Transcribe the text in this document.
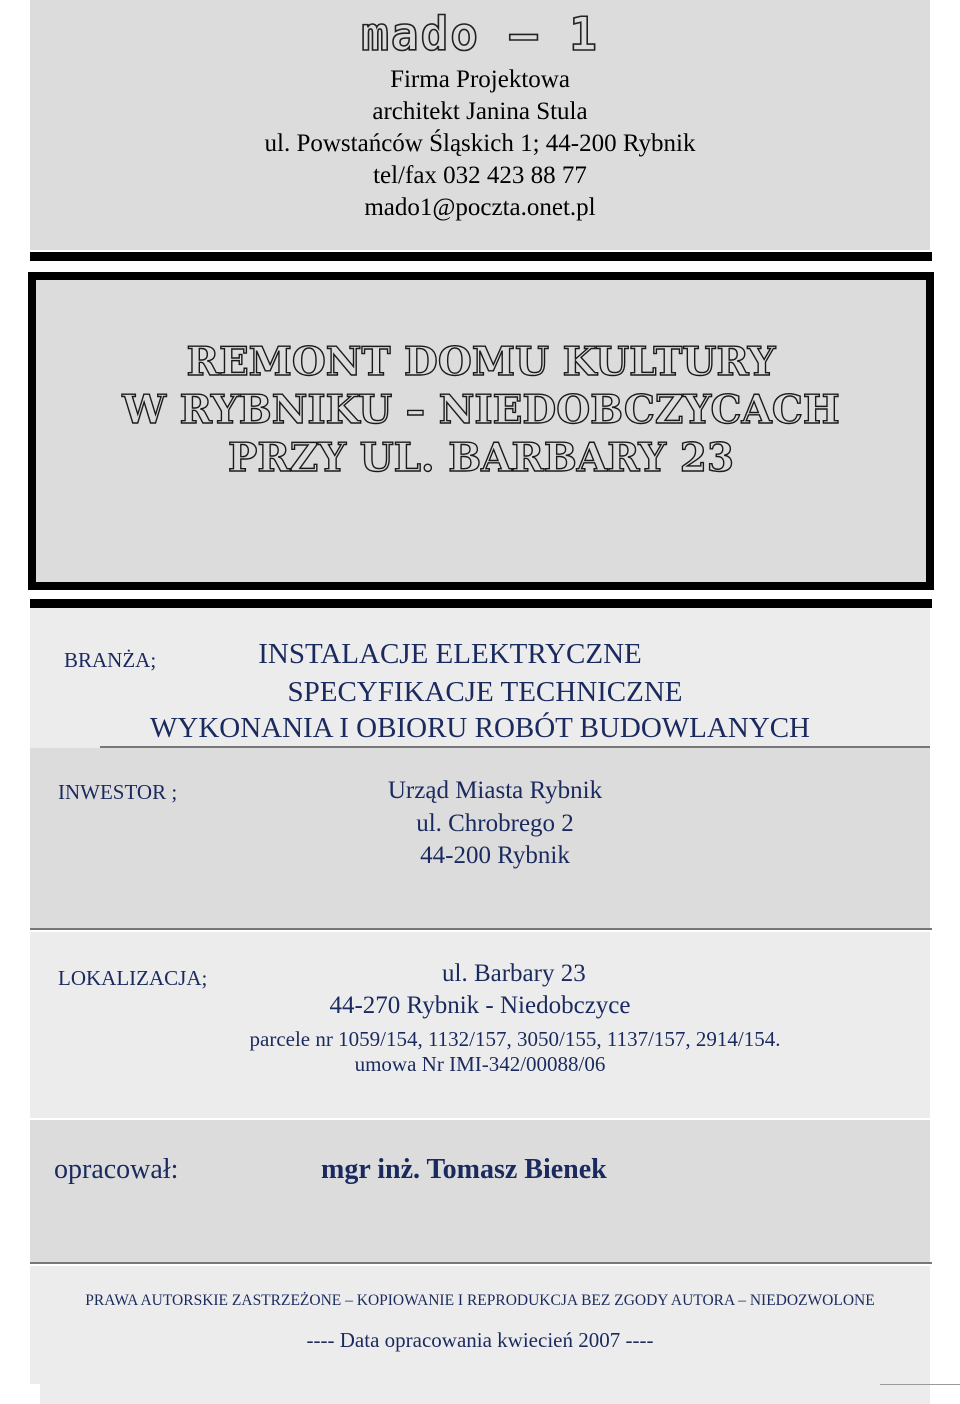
mado – 1
Firma Projektowa
architekt Janina Stula
ul. Powstańców Śląskich 1; 44-200 Rybnik
tel/fax 032 423 88 77
mado1@poczta.onet.pl
REMONT DOMU KULTURY
W RYBNIKU – NIEDOBCZYCACH
PRZY UL. BARBARY 23
BRANŻA;	INSTALACJE ELEKTRYCZNE
SPECYFIKACJE TECHNICZNE
WYKONANIA I OBIORU ROBÓT BUDOWLANYCH
INWESTOR ;	Urząd Miasta Rybnik
ul. Chrobrego 2
44-200 Rybnik
LOKALIZACJA;	ul. Barbary 23
44-270 Rybnik - Niedobczyce
parcele nr 1059/154, 1132/157, 3050/155, 1137/157, 2914/154.
umowa Nr IMI-342/00088/06
opracował:	mgr inż. Tomasz Bienek
PRAWA AUTORSKIE ZASTRZEŻONE – KOPIOWANIE I REPRODUKCJA BEZ ZGODY AUTORA – NIEDOZWOLONE
---- Data opracowania kwiecień 2007 ----
